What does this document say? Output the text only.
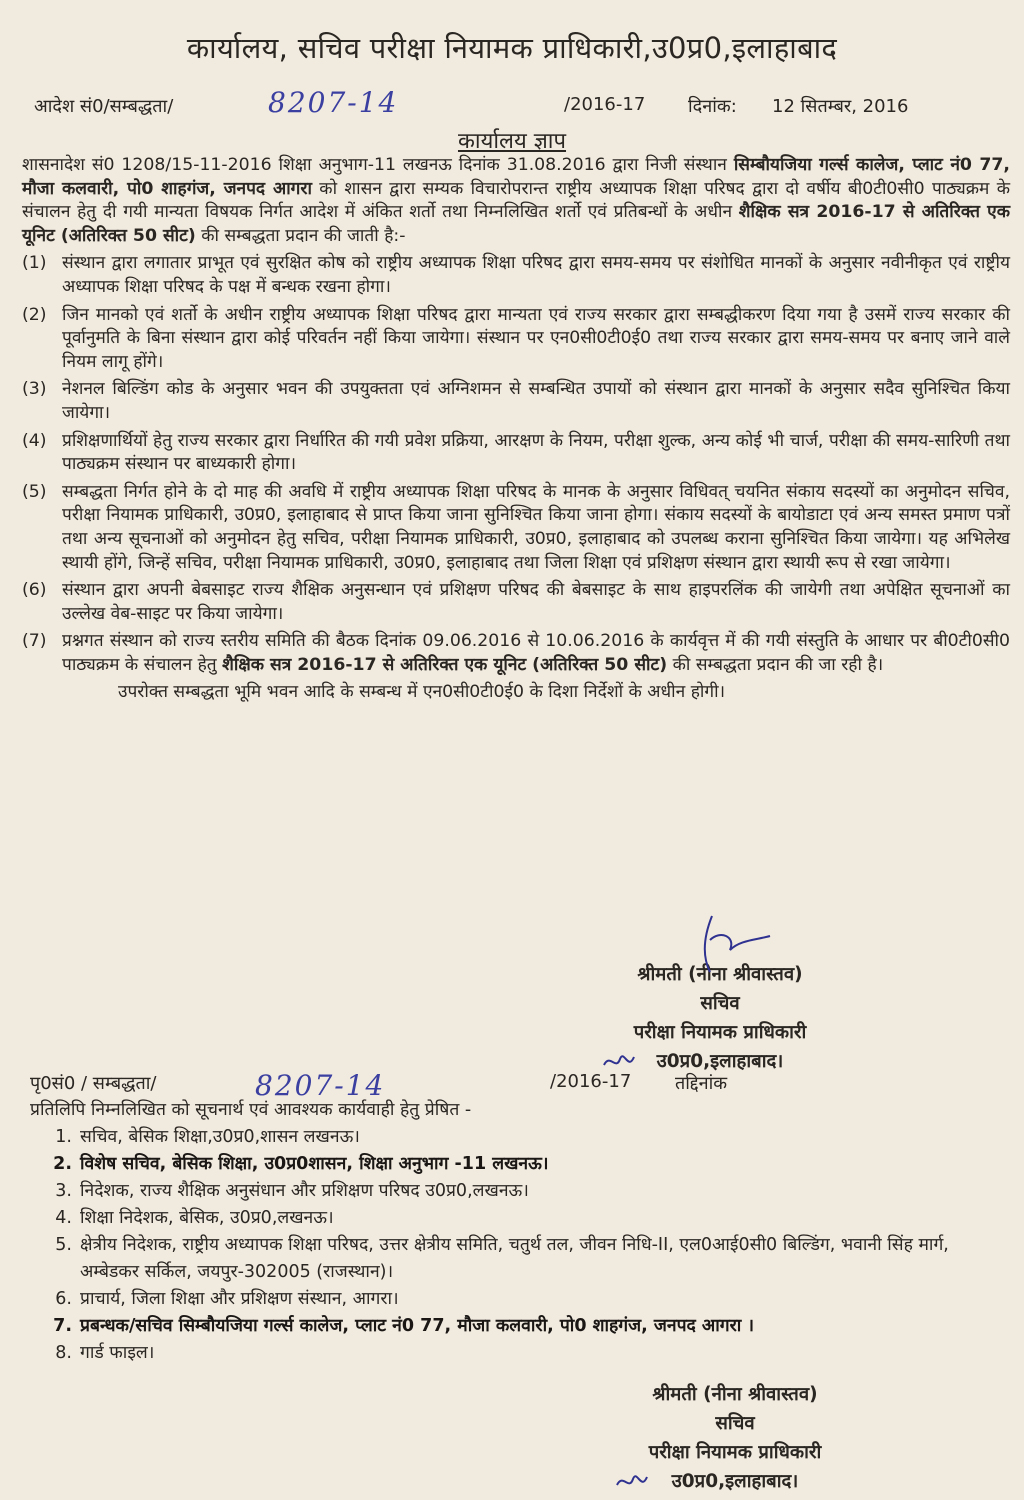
कार्यालय, सचिव परीक्षा नियामक प्राधिकारी,उ0प्र0,इलाहाबाद
आदेश सं0/सम्बद्धता/	8207-14	/2016-17 दिनांक: 12 सितम्बर, 2016
कार्यालय ज्ञाप

शासनादेश सं0 1208/15-11-2016 शिक्षा अनुभाग-11 लखनऊ दिनांक 31.08.2016 द्वारा निजी संस्थान सिम्बौयजिया गर्ल्स कालेज, प्लाट नं0 77, मौजा कलवारी, पो0 शाहगंज, जनपद आगरा को शासन द्वारा सम्यक विचारोपरान्त राष्ट्रीय अध्यापक शिक्षा परिषद द्वारा दो वर्षीय बी0टी0सी0 पाठ्यक्रम के संचालन हेतु दी गयी मान्यता विषयक निर्गत आदेश में अंकित शर्तो तथा निम्नलिखित शर्तो एवं प्रतिबन्धों के अधीन शैक्षिक सत्र 2016-17 से अतिरिक्त एक यूनिट (अतिरिक्त 50 सीट) की सम्बद्धता प्रदान की जाती है:-

(1) संस्थान द्वारा लगातार प्राभूत एवं सुरक्षित कोष को राष्ट्रीय अध्यापक शिक्षा परिषद द्वारा समय-समय पर संशोधित मानकों के अनुसार नवीनीकृत एवं राष्ट्रीय अध्यापक शिक्षा परिषद के पक्ष में बन्धक रखना होगा।
(2) जिन मानको एवं शर्तो के अधीन राष्ट्रीय अध्यापक शिक्षा परिषद द्वारा मान्यता एवं राज्य सरकार द्वारा सम्बद्धीकरण दिया गया है उसमें राज्य सरकार की पूर्वानुमति के बिना संस्थान द्वारा कोई परिवर्तन नहीं किया जायेगा। संस्थान पर एन0सी0टी0ई0 तथा राज्य सरकार द्वारा समय-समय पर बनाए जाने वाले नियम लागू होंगे।
(3) नेशनल बिल्डिंग कोड के अनुसार भवन की उपयुक्तता एवं अग्निशमन से सम्बन्धित उपायों को संस्थान द्वारा मानकों के अनुसार सदैव सुनिश्चित किया जायेगा।
(4) प्रशिक्षणार्थियों हेतु राज्य सरकार द्वारा निर्धारित की गयी प्रवेश प्रक्रिया, आरक्षण के नियम, परीक्षा शुल्क, अन्य कोई भी चार्ज, परीक्षा की समय-सारिणी तथा पाठ्यक्रम संस्थान पर बाध्यकारी होगा।
(5) सम्बद्धता निर्गत होने के दो माह की अवधि में राष्ट्रीय अध्यापक शिक्षा परिषद के मानक के अनुसार विधिवत् चयनित संकाय सदस्यों का अनुमोदन सचिव, परीक्षा नियामक प्राधिकारी, उ0प्र0, इलाहाबाद से प्राप्त किया जाना सुनिश्चित किया जाना होगा। संकाय सदस्यों के बायोडाटा एवं अन्य समस्त प्रमाण पत्रों तथा अन्य सूचनाओं को अनुमोदन हेतु सचिव, परीक्षा नियामक प्राधिकारी, उ0प्र0, इलाहाबाद को उपलब्ध कराना सुनिश्चित किया जायेगा। यह अभिलेख स्थायी होंगे, जिन्हें सचिव, परीक्षा नियामक प्राधिकारी, उ0प्र0, इलाहाबाद तथा जिला शिक्षा एवं प्रशिक्षण संस्थान द्वारा स्थायी रूप से रखा जायेगा।
(6) संस्थान द्वारा अपनी बेबसाइट राज्य शैक्षिक अनुसन्धान एवं प्रशिक्षण परिषद की बेबसाइट के साथ हाइपरलिंक की जायेगी तथा अपेक्षित सूचनाओं का उल्लेख वेब-साइट पर किया जायेगा।
(7) प्रश्नगत संस्थान को राज्य स्तरीय समिति की बैठक दिनांक 09.06.2016 से 10.06.2016 के कार्यवृत्त में की गयी संस्तुति के आधार पर बी0टी0सी0 पाठ्यक्रम के संचालन हेतु शैक्षिक सत्र 2016-17 से अतिरिक्त एक यूनिट (अतिरिक्त 50 सीट) की सम्बद्धता प्रदान की जा रही है।
उपरोक्त सम्बद्धता भूमि भवन आदि के सम्बन्ध में एन0सी0टी0ई0 के दिशा निर्देशों के अधीन होगी।
श्रीमती (नीना श्रीवास्तव)
सचिव
परीक्षा नियामक प्राधिकारी
उ0प्र0,इलाहाबाद।
पृ0सं0 / सम्बद्धता/	8207-14	/2016-17 तद्दिनांक
प्रतिलिपि निम्नलिखित को सूचनार्थ एवं आवश्यक कार्यवाही हेतु प्रेषित -
1. सचिव, बेसिक शिक्षा,उ0प्र0,शासन लखनऊ।
2. विशेष सचिव, बेसिक शिक्षा, उ0प्र0शासन, शिक्षा अनुभाग -11 लखनऊ।
3. निदेशक, राज्य शैक्षिक अनुसंधान और प्रशिक्षण परिषद उ0प्र0,लखनऊ।
4. शिक्षा निदेशक, बेसिक, उ0प्र0,लखनऊ।
5. क्षेत्रीय निदेशक, राष्ट्रीय अध्यापक शिक्षा परिषद, उत्तर क्षेत्रीय समिति, चतुर्थ तल, जीवन निधि-II, एल0आई0सी0 बिल्डिंग, भवानी सिंह मार्ग, अम्बेडकर सर्किल, जयपुर-302005 (राजस्थान)।
6. प्राचार्य, जिला शिक्षा और प्रशिक्षण संस्थान, आगरा।
7. प्रबन्धक/सचिव सिम्बौयजिया गर्ल्स कालेज, प्लाट नं0 77, मौजा कलवारी, पो0 शाहगंज, जनपद आगरा ।
8. गार्ड फाइल।
श्रीमती (नीना श्रीवास्तव)
सचिव
परीक्षा नियामक प्राधिकारी
उ0प्र0,इलाहाबाद।
